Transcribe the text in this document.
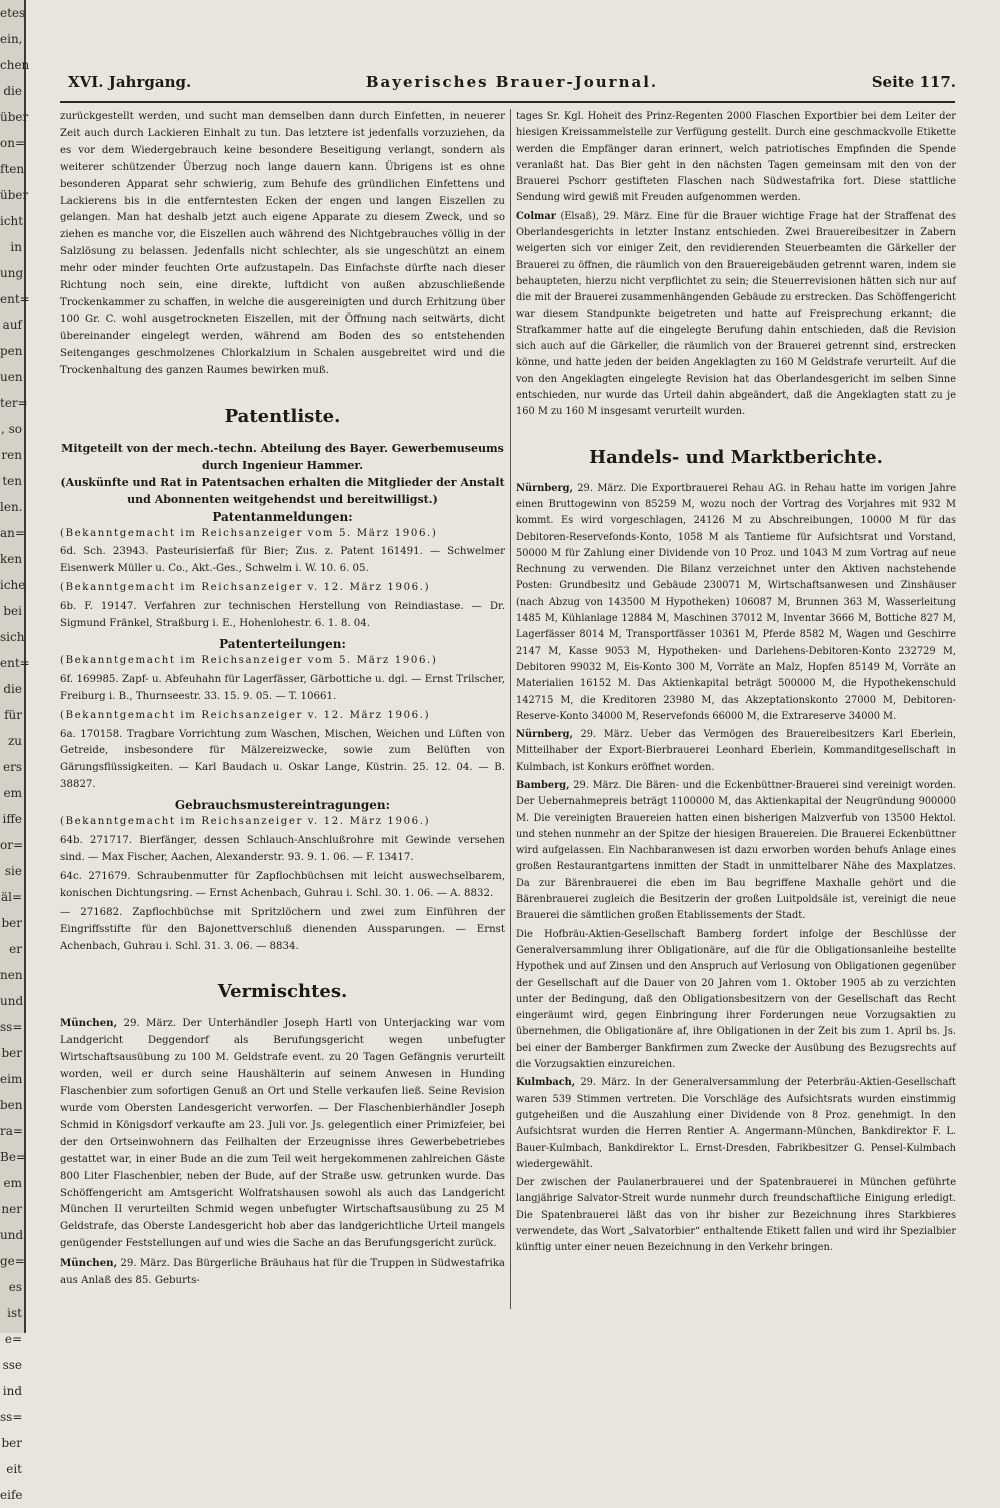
etes
ein,
chen
die
über
on=
ften
über
icht
in
ung
ent=
auf
pen
uen
ter=
, so
ren
ten
len.
an=
ken
iche
bei
sich
ent=
die
für
zu
ers
em
iffe
or=
sie
äl=
ber
er
nen
und
ss=
ber
eim
ben
ra=
Be=
em
ner
und
ge=
es
ist
e=
sse
ind
ss=
ber
eit
eife
XVI. Jahrgang.	Bayerisches Brauer-Journal.	Seite 117.

zurückgestellt werden, und sucht man demselben dann durch Einfetten, in neuerer Zeit auch durch Lackieren Einhalt zu tun. Das letztere ist jedenfalls vorzuziehen, da es vor dem Wiedergebrauch keine besondere Beseitigung verlangt, sondern als weiterer schützender Überzug noch lange dauern kann. Übrigens ist es ohne besonderen Apparat sehr schwierig, zum Behufe des gründlichen Einfettens und Lackierens bis in die entferntesten Ecken der engen und langen Eiszellen zu gelangen. Man hat deshalb jetzt auch eigene Apparate zu diesem Zweck, und so ziehen es manche vor, die Eiszellen auch während des Nichtgebrauches völlig in der Salzlösung zu belassen. Jedenfalls nicht schlechter, als sie ungeschützt an einem mehr oder minder feuchten Orte aufzustapeln. Das Einfachste dürfte nach dieser Richtung noch sein, eine direkte, luftdicht von außen abzuschließende Trockenkammer zu schaffen, in welche die ausgereinigten und durch Erhitzung über 100 Gr. C. wohl ausgetrockneten Eiszellen, mit der Öffnung nach seitwärts, dicht übereinander eingelegt werden, während am Boden des so entstehenden Seitenganges geschmolzenes Chlorkalzium in Schalen ausgebreitet wird und die Trockenhaltung des ganzen Raumes bewirken muß.

Patentliste.
Mitgeteilt von der mech.-techn. Abteilung des Bayer. Gewerbemuseums durch Ingenieur Hammer.
(Auskünfte und Rat in Patentsachen erhalten die Mitglieder der Anstalt und Abonnenten weitgehendst und bereitwilligst.)
Patentanmeldungen:

(Bekanntgemacht im Reichsanzeiger vom 5. März 1906.)

6d. Sch. 23943. Pasteurisierfaß für Bier; Zus. z. Patent 161491. — Schwelmer Eisenwerk Müller u. Co., Akt.-Ges., Schwelm i. W. 10. 6. 05.

(Bekanntgemacht im Reichsanzeiger v. 12. März 1906.)

6b. F. 19147. Verfahren zur technischen Herstellung von Reindiastase. — Dr. Sigmund Fränkel, Straßburg i. E., Hohenlohestr. 6. 1. 8. 04.

Patenterteilungen:

(Bekanntgemacht im Reichsanzeiger vom 5. März 1906.)

6f. 169985. Zapf- u. Abfeuhahn für Lagerfässer, Gärbottiche u. dgl. — Ernst Trilscher, Freiburg i. B., Thurnseestr. 33. 15. 9. 05. — T. 10661.

(Bekanntgemacht im Reichsanzeiger v. 12. März 1906.)

6a. 170158. Tragbare Vorrichtung zum Waschen, Mischen, Weichen und Lüften von Getreide, insbesondere für Mälzereizwecke, sowie zum Belüften von Gärungsflüssigkeiten. — Karl Baudach u. Oskar Lange, Küstrin. 25. 12. 04. — B. 38827.

Gebrauchsmustereintragungen:

(Bekanntgemacht im Reichsanzeiger v. 12. März 1906.)

64b. 271717. Bierfänger, dessen Schlauch-Anschlußrohre mit Gewinde versehen sind. — Max Fischer, Aachen, Alexanderstr. 93. 9. 1. 06. — F. 13417.

64c. 271679. Schraubenmutter für Zapflochbüchsen mit leicht auswechselbarem, konischen Dichtungsring. — Ernst Achenbach, Guhrau i. Schl. 30. 1. 06. — A. 8832.

— 271682. Zapflochbüchse mit Spritzlöchern und zwei zum Einführen der Eingriffsstifte für den Bajonettverschluß dienenden Aussparungen. — Ernst Achenbach, Guhrau i. Schl. 31. 3. 06. — 8834.

Vermischtes.

München, 29. März. Der Unterhändler Joseph Hartl von Unterjacking war vom Landgericht Deggendorf als Berufungsgericht wegen unbefugter Wirtschaftsausübung zu 100 M. Geldstrafe event. zu 20 Tagen Gefängnis verurteilt worden, weil er durch seine Haushälterin auf seinem Anwesen in Hunding Flaschenbier zum sofortigen Genuß an Ort und Stelle verkaufen ließ. Seine Revision wurde vom Obersten Landesgericht verworfen. — Der Flaschenbierhändler Joseph Schmid in Königsdorf verkaufte am 23. Juli vor. Js. gelegentlich einer Primizfeier, bei der den Ortseinwohnern das Feilhalten der Erzeugnisse ihres Gewerbebetriebes gestattet war, in einer Bude an die zum Teil weit hergekommenen zahlreichen Gäste 800 Liter Flaschenbier, neben der Bude, auf der Straße usw. getrunken wurde. Das Schöffengericht am Amtsgericht Wolfratshausen sowohl als auch das Landgericht München II verurteilten Schmid wegen unbefugter Wirtschaftsausübung zu 25 M Geldstrafe, das Oberste Landesgericht hob aber das landgerichtliche Urteil mangels genügender Feststellungen auf und wies die Sache an das Berufungsgericht zurück.

München, 29. März. Das Bürgerliche Bräuhaus hat für die Truppen in Südwestafrika aus Anlaß des 85. Geburts-

tages Sr. Kgl. Hoheit des Prinz-Regenten 2000 Flaschen Exportbier bei dem Leiter der hiesigen Kreissammelstelle zur Verfügung gestellt. Durch eine geschmackvolle Etikette werden die Empfänger daran erinnert, welch patriotisches Empfinden die Spende veranlaßt hat. Das Bier geht in den nächsten Tagen gemeinsam mit den von der Brauerei Pschorr gestifteten Flaschen nach Südwestafrika fort. Diese stattliche Sendung wird gewiß mit Freuden aufgenommen werden.

Colmar (Elsaß), 29. März. Eine für die Brauer wichtige Frage hat der Straffenat des Oberlandesgerichts in letzter Instanz entschieden. Zwei Brauereibesitzer in Zabern weigerten sich vor einiger Zeit, den revidierenden Steuerbeamten die Gärkeller der Brauerei zu öffnen, die räumlich von den Brauereigebäuden getrennt waren, indem sie behaupteten, hierzu nicht verpflichtet zu sein; die Steuerrevisionen hätten sich nur auf die mit der Brauerei zusammenhängenden Gebäude zu erstrecken. Das Schöffengericht war diesem Standpunkte beigetreten und hatte auf Freisprechung erkannt; die Strafkammer hatte auf die eingelegte Berufung dahin entschieden, daß die Revision sich auch auf die Gärkeller, die räumlich von der Brauerei getrennt sind, erstrecken könne, und hatte jeden der beiden Angeklagten zu 160 M Geldstrafe verurteilt. Auf die von den Angeklagten eingelegte Revision hat das Oberlandesgericht im selben Sinne entschieden, nur wurde das Urteil dahin abgeändert, daß die Angeklagten statt zu je 160 M zu 160 M insgesamt verurteilt wurden.

Handels- und Marktberichte.

Nürnberg, 29. März. Die Exportbrauerei Rehau AG. in Rehau hatte im vorigen Jahre einen Bruttogewinn von 85259 M, wozu noch der Vortrag des Vorjahres mit 932 M kommt. Es wird vorgeschlagen, 24126 M zu Abschreibungen, 10000 M für das Debitoren-Reservefonds-Konto, 1058 M als Tantieme für Aufsichtsrat und Vorstand, 50000 M für Zahlung einer Dividende von 10 Proz. und 1043 M zum Vortrag auf neue Rechnung zu verwenden. Die Bilanz verzeichnet unter den Aktiven nachstehende Posten: Grundbesitz und Gebäude 230071 M, Wirtschaftsanwesen und Zinshäuser (nach Abzug von 143500 M Hypotheken) 106087 M, Brunnen 363 M, Wasserleitung 1485 M, Kühlanlage 12884 M, Maschinen 37012 M, Inventar 3666 M, Bottiche 827 M, Lagerfässer 8014 M, Transportfässer 10361 M, Pferde 8582 M, Wagen und Geschirre 2147 M, Kasse 9053 M, Hypotheken- und Darlehens-Debitoren-Konto 232729 M, Debitoren 99032 M, Eis-Konto 300 M, Vorräte an Malz, Hopfen 85149 M, Vorräte an Materialien 16152 M. Das Aktienkapital beträgt 500000 M, die Hypothekenschuld 142715 M, die Kreditoren 23980 M, das Akzeptationskonto 27000 M, Debitoren-Reserve-Konto 34000 M, Reservefonds 66000 M, die Extrareserve 34000 M.

Nürnberg, 29. März. Ueber das Vermögen des Brauereibesitzers Karl Eberlein, Mitteilhaber der Export-Bierbrauerei Leonhard Eberlein, Kommanditgesellschaft in Kulmbach, ist Konkurs eröffnet worden.

Bamberg, 29. März. Die Bären- und die Eckenbüttner-Brauerei sind vereinigt worden. Der Uebernahmepreis beträgt 1100000 M, das Aktienkapital der Neugründung 900000 M. Die vereinigten Brauereien hatten einen bisherigen Malzverfub von 13500 Hektol. und stehen nunmehr an der Spitze der hiesigen Brauereien. Die Brauerei Eckenbüttner wird aufgelassen. Ein Nachbaranwesen ist dazu erworben worden behufs Anlage eines großen Restaurantgartens inmitten der Stadt in unmittelbarer Nähe des Maxplatzes. Da zur Bärenbrauerei die eben im Bau begriffene Maxhalle gehört und die Bärenbrauerei zugleich die Besitzerin der großen Luitpoldsäle ist, vereinigt die neue Brauerei die sämtlichen großen Etablissements der Stadt.

Die Hofbräu-Aktien-Gesellschaft Bamberg fordert infolge der Beschlüsse der Generalversammlung ihrer Obligationäre, auf die für die Obligationsanleihe bestellte Hypothek und auf Zinsen und den Anspruch auf Verlosung von Obligationen gegenüber der Gesellschaft auf die Dauer von 20 Jahren vom 1. Oktober 1905 ab zu verzichten unter der Bedingung, daß den Obligationsbesitzern von der Gesellschaft das Recht eingeräumt wird, gegen Einbringung ihrer Forderungen neue Vorzugsaktien zu übernehmen, die Obligationäre af, ihre Obligationen in der Zeit bis zum 1. April bs. Js. bei einer der Bamberger Bankfirmen zum Zwecke der Ausübung des Bezugsrechts auf die Vorzugsaktien einzureichen.

Kulmbach, 29. März. In der Generalversammlung der Peterbräu-Aktien-Gesellschaft waren 539 Stimmen vertreten. Die Vorschläge des Aufsichtsrats wurden einstimmig gutgeheißen und die Auszahlung einer Dividende von 8 Proz. genehmigt. In den Aufsichtsrat wurden die Herren Rentier A. Angermann-München, Bankdirektor F. L. Bauer-Kulmbach, Bankdirektor L. Ernst-Dresden, Fabrikbesitzer G. Pensel-Kulmbach wiedergewählt.

Der zwischen der Paulanerbrauerei und der Spatenbrauerei in München geführte langjährige Salvator-Streit wurde nunmehr durch freundschaftliche Einigung erledigt. Die Spatenbrauerei läßt das von ihr bisher zur Bezeichnung ihres Starkbieres verwendete, das Wort „Salvatorbier“ enthaltende Etikett fallen und wird ihr Spezialbier künftig unter einer neuen Bezeichnung in den Verkehr bringen.
